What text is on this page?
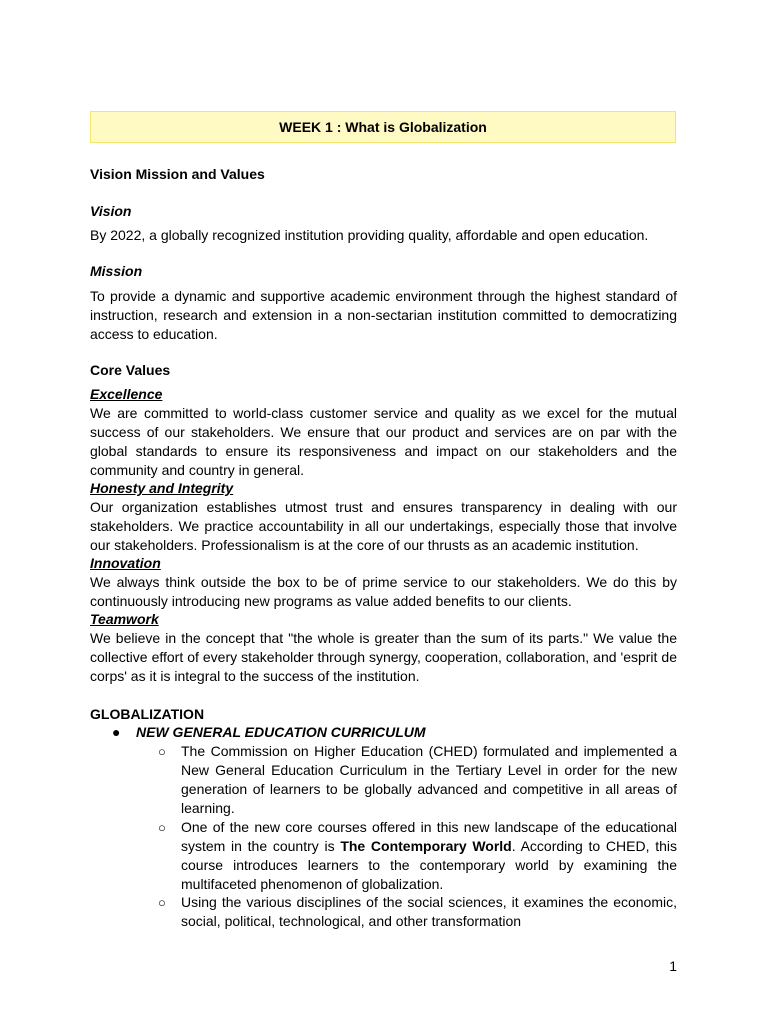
WEEK 1 : What is Globalization
Vision Mission and Values
Vision
By 2022, a globally recognized institution providing quality, affordable and open education.
Mission
To provide a dynamic and supportive academic environment through the highest standard of instruction, research and extension in a non-sectarian institution committed to democratizing access to education.
Core Values
Excellence
We are committed to world-class customer service and quality as we excel for the mutual success of our stakeholders. We ensure that our product and services are on par with the global standards to ensure its responsiveness and impact on our stakeholders and the community and country in general.
Honesty and Integrity
Our organization establishes utmost trust and ensures transparency in dealing with our stakeholders. We practice accountability in all our undertakings, especially those that involve our stakeholders. Professionalism is at the core of our thrusts as an academic institution.
Innovation
We always think outside the box to be of prime service to our stakeholders. We do this by continuously introducing new programs as value added benefits to our clients.
Teamwork
We believe in the concept that "the whole is greater than the sum of its parts." We value the collective effort of every stakeholder through synergy, cooperation, collaboration, and 'esprit de corps' as it is integral to the success of the institution.
GLOBALIZATION
● NEW GENERAL EDUCATION CURRICULUM
○ The Commission on Higher Education (CHED) formulated and implemented a New General Education Curriculum in the Tertiary Level in order for the new generation of learners to be globally advanced and competitive in all areas of learning.
○ One of the new core courses offered in this new landscape of the educational system in the country is The Contemporary World. According to CHED, this course introduces learners to the contemporary world by examining the multifaceted phenomenon of globalization.
○ Using the various disciplines of the social sciences, it examines the economic, social, political, technological, and other transformation
1
